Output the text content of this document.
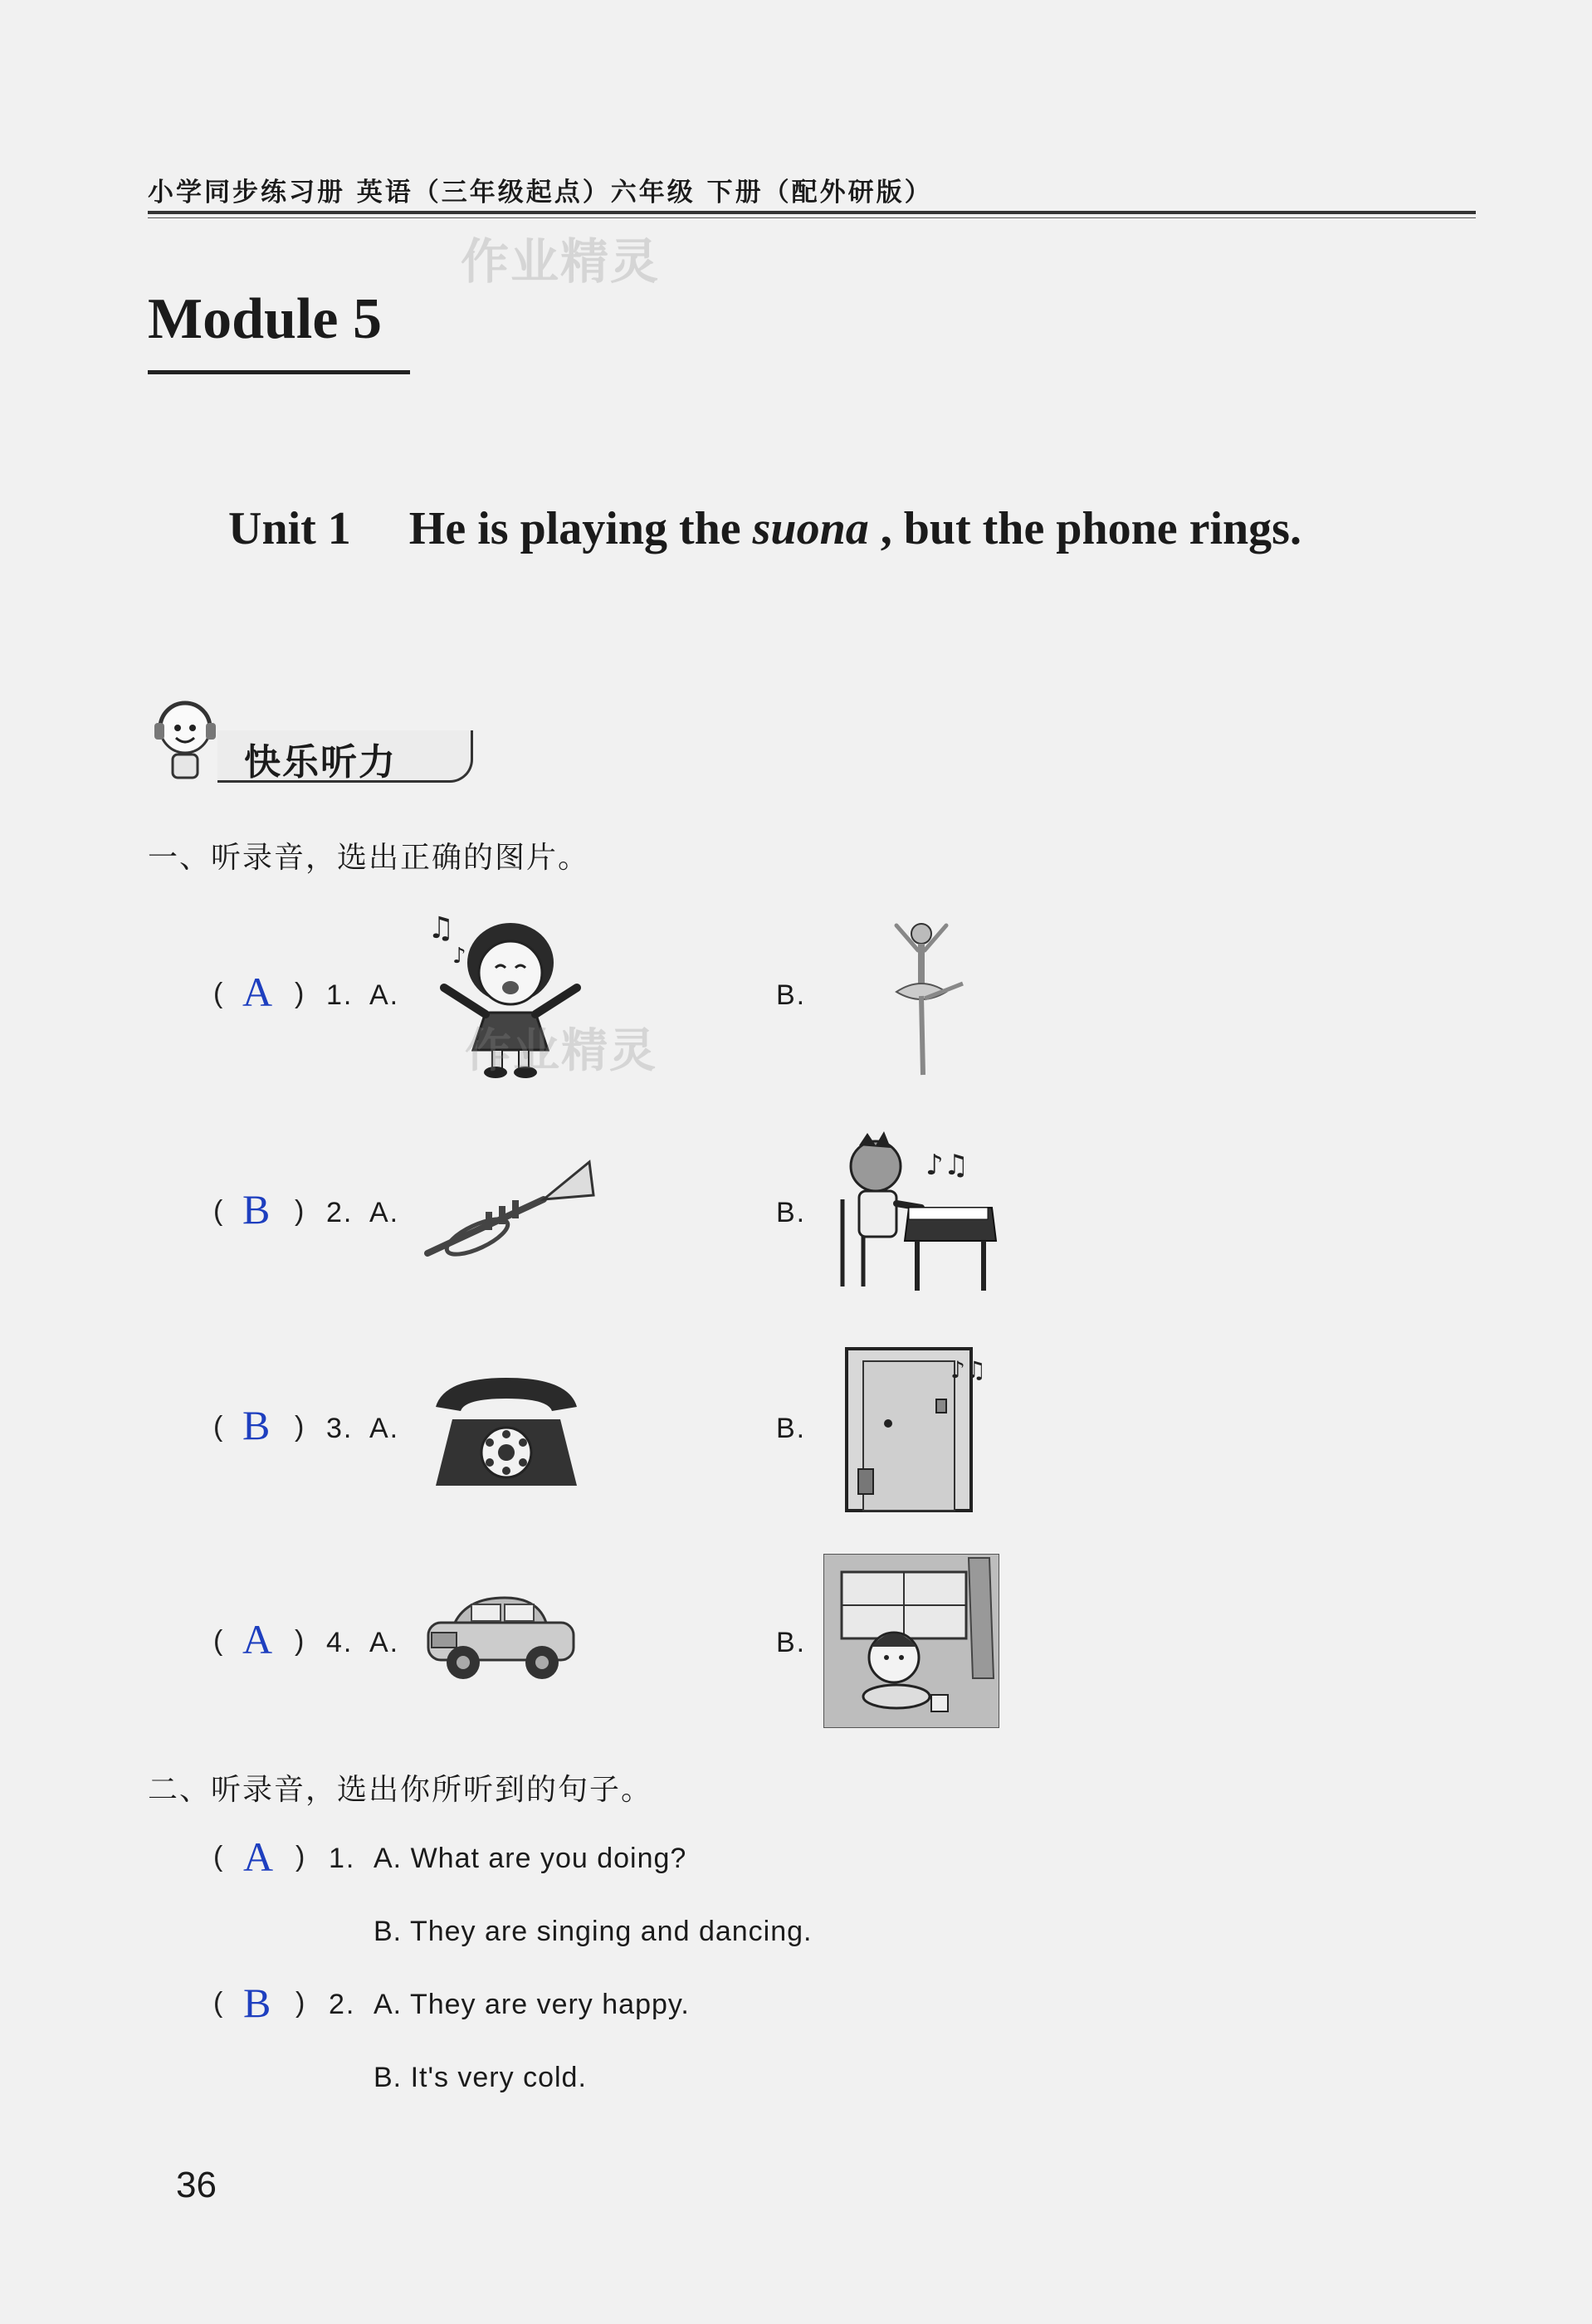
小学同步练习册 英语（三年级起点）六年级 下册（配外研版）
作业精灵
Module 5
Unit 1 He is playing the suona , but the phone rings.
快乐听力
一、听录音，选出正确的图片。
( A ) 1. A.
♫
♪
作业精灵
B.
( B ) 2. A.	B.
♪♫
( B ) 3. A.	B.
♪♫
( A ) 4. A.	B.
二、听录音，选出你所听到的句子。
( A ) 1. A. What are you doing?
B. They are singing and dancing.
( B ) 2. A. They are very happy.
B. It's very cold.
36
